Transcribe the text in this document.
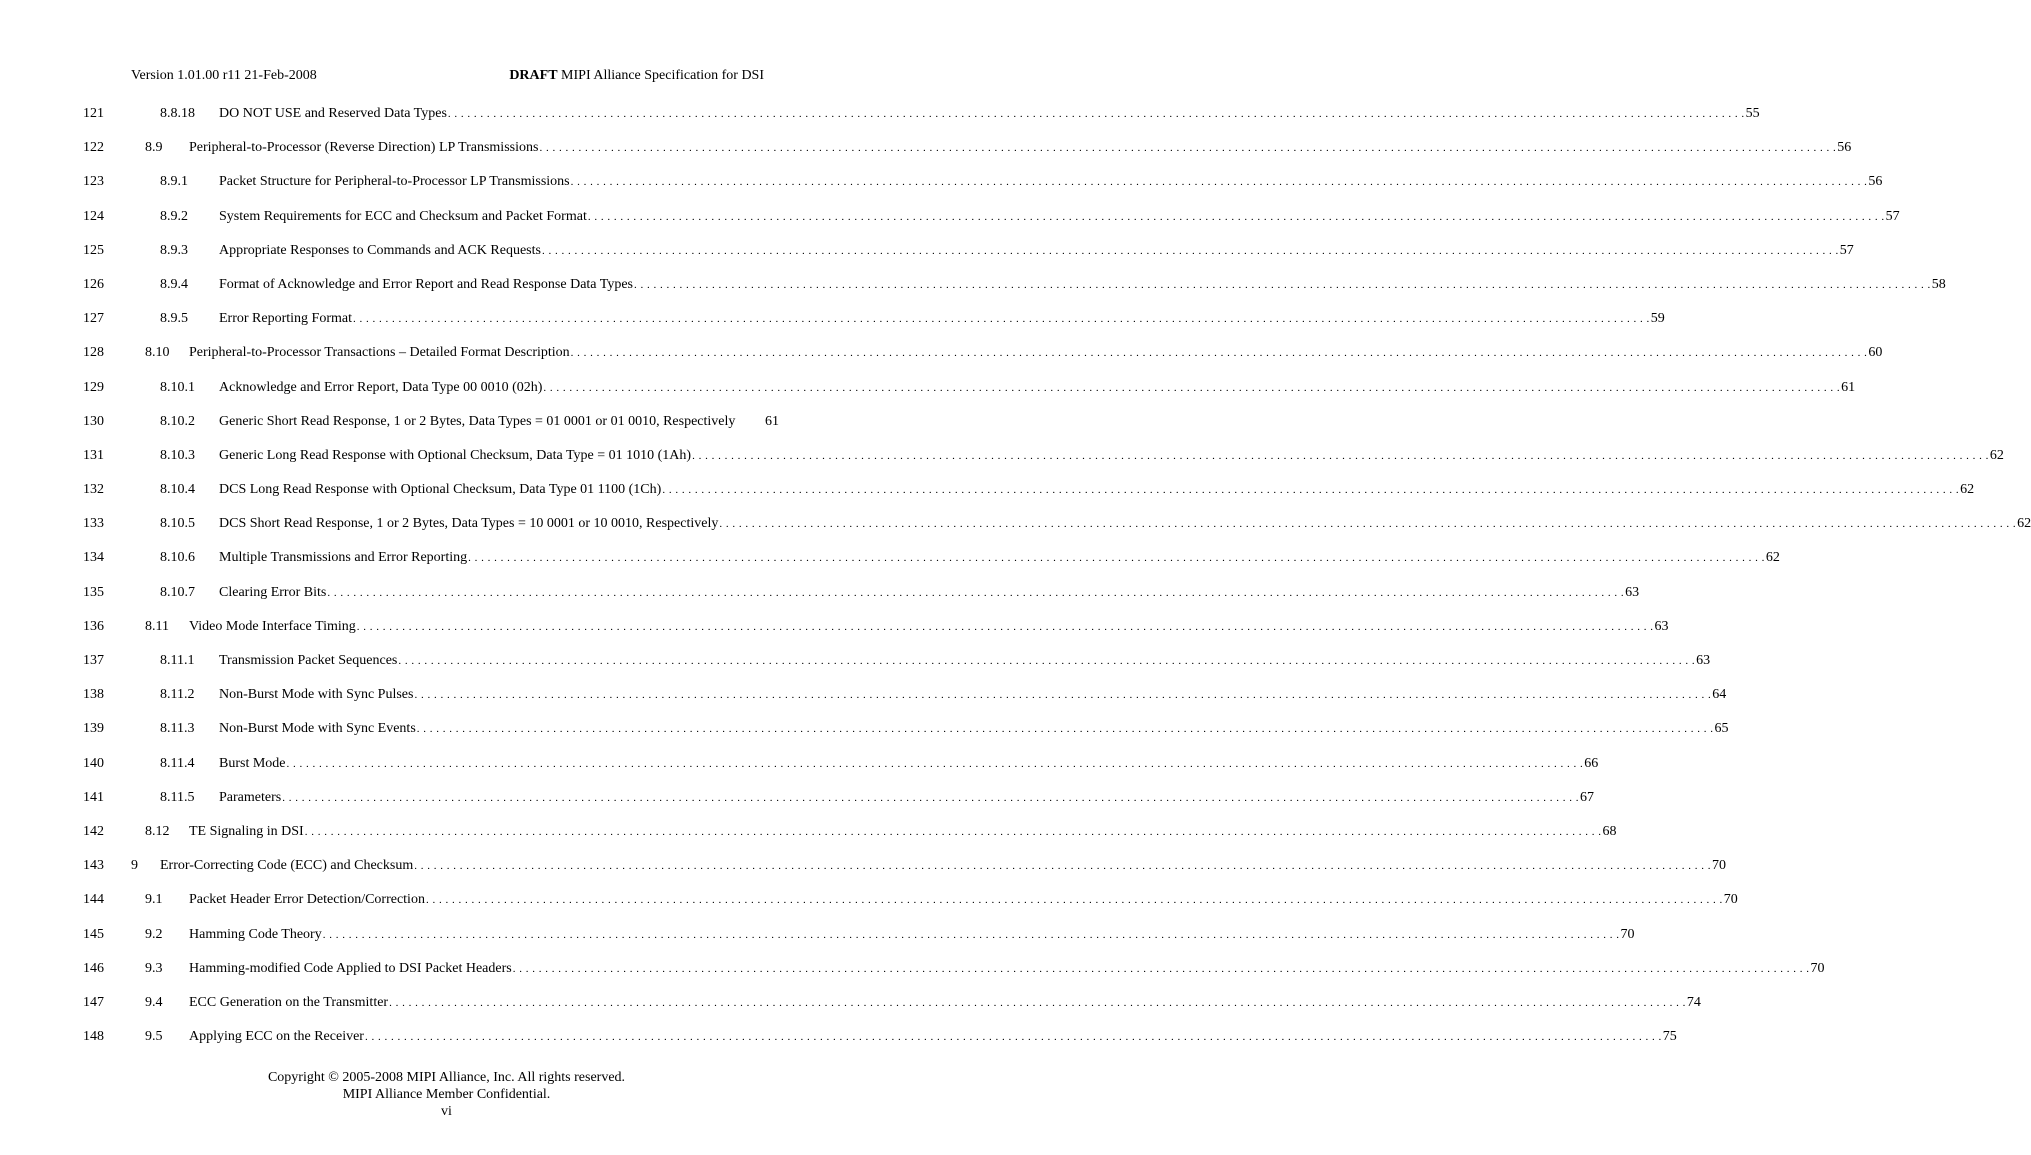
Version 1.01.00 r11 21-Feb-2008	DRAFT MIPI Alliance Specification for DSI
121	8.8.18 DO NOT USE and Reserved Data Types . . . . . . . . . . . . . . . . . . . . . . . . . . . . . . . . . . . . . . . . . . . . . . . . . . . . . . . . . . . . . . . . . . . . . . . . . . . . . . . . . . . . . . . . . . . . . . . . . . . . . . . . . . . . . . . . . . . . . . . . . . . . . . . . . . . . . . . . . . . . . . . . . . . . . . . . . . . . . . . . . . . . . . . . . . . . . . . . . . . . . . . . . . . . . . . . . . . . . . . . 55
122	8.9 Peripheral-to-Processor (Reverse Direction) LP Transmissions . . . . . . . . . . . . . . . . . . . . . . . . . . . . . . . . . . . . . . . . . . . . . . . . . . . . . . . . . . . . . . . . . . . . . . . . . . . . . . . . . . . . . . . . . . . . . . . . . . . . . . . . . . . . . . . . . . . . . . . . . . . . . . . . . . . . . . . . . . . . . . . . . . . . . . . . . . . . . . . . . . . . . . . . . . . . . . . . . . . . . . . . . . . . . . . . . . . . . . . . 56
123	8.9.1 Packet Structure for Peripheral-to-Processor LP Transmissions . . . . . . . . . . . . . . . . . . . . . . . . . . . . . . . . . . . . . . . . . . . . . . . . . . . . . . . . . . . . . . . . . . . . . . . . . . . . . . . . . . . . . . . . . . . . . . . . . . . . . . . . . . . . . . . . . . . . . . . . . . . . . . . . . . . . . . . . . . . . . . . . . . . . . . . . . . . . . . . . . . . . . . . . . . . . . . . . . . . . . . . . . . . . . . . . . . . . . . . . 56
124	8.9.2 System Requirements for ECC and Checksum and Packet Format . . . . . . . . . . . . . . . . . . . . . . . . . . . . . . . . . . . . . . . . . . . . . . . . . . . . . . . . . . . . . . . . . . . . . . . . . . . . . . . . . . . . . . . . . . . . . . . . . . . . . . . . . . . . . . . . . . . . . . . . . . . . . . . . . . . . . . . . . . . . . . . . . . . . . . . . . . . . . . . . . . . . . . . . . . . . . . . . . . . . . . . . . . . . . . . . . . . . . . . . 57
125	8.9.3 Appropriate Responses to Commands and ACK Requests . . . . . . . . . . . . . . . . . . . . . . . . . . . . . . . . . . . . . . . . . . . . . . . . . . . . . . . . . . . . . . . . . . . . . . . . . . . . . . . . . . . . . . . . . . . . . . . . . . . . . . . . . . . . . . . . . . . . . . . . . . . . . . . . . . . . . . . . . . . . . . . . . . . . . . . . . . . . . . . . . . . . . . . . . . . . . . . . . . . . . . . . . . . . . . . . . . . . . . . . 57
126	8.9.4 Format of Acknowledge and Error Report and Read Response Data Types . . . . . . . . . . . . . . . . . . . . . . . . . . . . . . . . . . . . . . . . . . . . . . . . . . . . . . . . . . . . . . . . . . . . . . . . . . . . . . . . . . . . . . . . . . . . . . . . . . . . . . . . . . . . . . . . . . . . . . . . . . . . . . . . . . . . . . . . . . . . . . . . . . . . . . . . . . . . . . . . . . . . . . . . . . . . . . . . . . . . . . . . . . . . . . . . . . . . . . . . 58
127	8.9.5 Error Reporting Format . . . . . . . . . . . . . . . . . . . . . . . . . . . . . . . . . . . . . . . . . . . . . . . . . . . . . . . . . . . . . . . . . . . . . . . . . . . . . . . . . . . . . . . . . . . . . . . . . . . . . . . . . . . . . . . . . . . . . . . . . . . . . . . . . . . . . . . . . . . . . . . . . . . . . . . . . . . . . . . . . . . . . . . . . . . . . . . . . . . . . . . . . . . . . . . . . . . . . . . . 59
128	8.10 Peripheral-to-Processor Transactions – Detailed Format Description . . . . . . . . . . . . . . . . . . . . . . . . . . . . . . . . . . . . . . . . . . . . . . . . . . . . . . . . . . . . . . . . . . . . . . . . . . . . . . . . . . . . . . . . . . . . . . . . . . . . . . . . . . . . . . . . . . . . . . . . . . . . . . . . . . . . . . . . . . . . . . . . . . . . . . . . . . . . . . . . . . . . . . . . . . . . . . . . . . . . . . . . . . . . . . . . . . . . . . . . 60
129	8.10.1 Acknowledge and Error Report, Data Type 00 0010 (02h) . . . . . . . . . . . . . . . . . . . . . . . . . . . . . . . . . . . . . . . . . . . . . . . . . . . . . . . . . . . . . . . . . . . . . . . . . . . . . . . . . . . . . . . . . . . . . . . . . . . . . . . . . . . . . . . . . . . . . . . . . . . . . . . . . . . . . . . . . . . . . . . . . . . . . . . . . . . . . . . . . . . . . . . . . . . . . . . . . . . . . . . . . . . . . . . . . . . . . . . . 61
130	8.10.2 Generic Short Read Response, 1 or 2 Bytes, Data Types = 01 0001 or 01 0010, Respectively 61
131	8.10.3 Generic Long Read Response with Optional Checksum, Data Type = 01 1010 (1Ah) . . . . . . . . . . . . . . . . . . . . . . . . . . . . . . . . . . . . . . . . . . . . . . . . . . . . . . . . . . . . . . . . . . . . . . . . . . . . . . . . . . . . . . . . . . . . . . . . . . . . . . . . . . . . . . . . . . . . . . . . . . . . . . . . . . . . . . . . . . . . . . . . . . . . . . . . . . . . . . . . . . . . . . . . . . . . . . . . . . . . . . . . . . . . . . . . . . . . . . . . 62
132	8.10.4 DCS Long Read Response with Optional Checksum, Data Type 01 1100 (1Ch) . . . . . . . . . . . . . . . . . . . . . . . . . . . . . . . . . . . . . . . . . . . . . . . . . . . . . . . . . . . . . . . . . . . . . . . . . . . . . . . . . . . . . . . . . . . . . . . . . . . . . . . . . . . . . . . . . . . . . . . . . . . . . . . . . . . . . . . . . . . . . . . . . . . . . . . . . . . . . . . . . . . . . . . . . . . . . . . . . . . . . . . . . . . . . . . . . . . . . . . . 62
133	8.10.5 DCS Short Read Response, 1 or 2 Bytes, Data Types = 10 0001 or 10 0010, Respectively . . . . . . . . . . . . . . . . . . . . . . . . . . . . . . . . . . . . . . . . . . . . . . . . . . . . . . . . . . . . . . . . . . . . . . . . . . . . . . . . . . . . . . . . . . . . . . . . . . . . . . . . . . . . . . . . . . . . . . . . . . . . . . . . . . . . . . . . . . . . . . . . . . . . . . . . . . . . . . . . . . . . . . . . . . . . . . . . . . . . . . . . . . . . . . . . . . . . . . . . 62
134	8.10.6 Multiple Transmissions and Error Reporting . . . . . . . . . . . . . . . . . . . . . . . . . . . . . . . . . . . . . . . . . . . . . . . . . . . . . . . . . . . . . . . . . . . . . . . . . . . . . . . . . . . . . . . . . . . . . . . . . . . . . . . . . . . . . . . . . . . . . . . . . . . . . . . . . . . . . . . . . . . . . . . . . . . . . . . . . . . . . . . . . . . . . . . . . . . . . . . . . . . . . . . . . . . . . . . . . . . . . . . . 62
135	8.10.7 Clearing Error Bits . . . . . . . . . . . . . . . . . . . . . . . . . . . . . . . . . . . . . . . . . . . . . . . . . . . . . . . . . . . . . . . . . . . . . . . . . . . . . . . . . . . . . . . . . . . . . . . . . . . . . . . . . . . . . . . . . . . . . . . . . . . . . . . . . . . . . . . . . . . . . . . . . . . . . . . . . . . . . . . . . . . . . . . . . . . . . . . . . . . . . . . . . . . . . . . . . . . . . . . . 63
136	8.11 Video Mode Interface Timing . . . . . . . . . . . . . . . . . . . . . . . . . . . . . . . . . . . . . . . . . . . . . . . . . . . . . . . . . . . . . . . . . . . . . . . . . . . . . . . . . . . . . . . . . . . . . . . . . . . . . . . . . . . . . . . . . . . . . . . . . . . . . . . . . . . . . . . . . . . . . . . . . . . . . . . . . . . . . . . . . . . . . . . . . . . . . . . . . . . . . . . . . . . . . . . . . . . . . . . . 63
137	8.11.1 Transmission Packet Sequences . . . . . . . . . . . . . . . . . . . . . . . . . . . . . . . . . . . . . . . . . . . . . . . . . . . . . . . . . . . . . . . . . . . . . . . . . . . . . . . . . . . . . . . . . . . . . . . . . . . . . . . . . . . . . . . . . . . . . . . . . . . . . . . . . . . . . . . . . . . . . . . . . . . . . . . . . . . . . . . . . . . . . . . . . . . . . . . . . . . . . . . . . . . . . . . . . . . . . . . . 63
138	8.11.2 Non-Burst Mode with Sync Pulses . . . . . . . . . . . . . . . . . . . . . . . . . . . . . . . . . . . . . . . . . . . . . . . . . . . . . . . . . . . . . . . . . . . . . . . . . . . . . . . . . . . . . . . . . . . . . . . . . . . . . . . . . . . . . . . . . . . . . . . . . . . . . . . . . . . . . . . . . . . . . . . . . . . . . . . . . . . . . . . . . . . . . . . . . . . . . . . . . . . . . . . . . . . . . . . . . . . . . . . . 64
139	8.11.3 Non-Burst Mode with Sync Events . . . . . . . . . . . . . . . . . . . . . . . . . . . . . . . . . . . . . . . . . . . . . . . . . . . . . . . . . . . . . . . . . . . . . . . . . . . . . . . . . . . . . . . . . . . . . . . . . . . . . . . . . . . . . . . . . . . . . . . . . . . . . . . . . . . . . . . . . . . . . . . . . . . . . . . . . . . . . . . . . . . . . . . . . . . . . . . . . . . . . . . . . . . . . . . . . . . . . . . . 65
140	8.11.4 Burst Mode . . . . . . . . . . . . . . . . . . . . . . . . . . . . . . . . . . . . . . . . . . . . . . . . . . . . . . . . . . . . . . . . . . . . . . . . . . . . . . . . . . . . . . . . . . . . . . . . . . . . . . . . . . . . . . . . . . . . . . . . . . . . . . . . . . . . . . . . . . . . . . . . . . . . . . . . . . . . . . . . . . . . . . . . . . . . . . . . . . . . . . . . . . . . . . . . . . . . . . . . 66
141	8.11.5 Parameters . . . . . . . . . . . . . . . . . . . . . . . . . . . . . . . . . . . . . . . . . . . . . . . . . . . . . . . . . . . . . . . . . . . . . . . . . . . . . . . . . . . . . . . . . . . . . . . . . . . . . . . . . . . . . . . . . . . . . . . . . . . . . . . . . . . . . . . . . . . . . . . . . . . . . . . . . . . . . . . . . . . . . . . . . . . . . . . . . . . . . . . . . . . . . . . . . . . . . . . . 67
142	8.12 TE Signaling in DSI . . . . . . . . . . . . . . . . . . . . . . . . . . . . . . . . . . . . . . . . . . . . . . . . . . . . . . . . . . . . . . . . . . . . . . . . . . . . . . . . . . . . . . . . . . . . . . . . . . . . . . . . . . . . . . . . . . . . . . . . . . . . . . . . . . . . . . . . . . . . . . . . . . . . . . . . . . . . . . . . . . . . . . . . . . . . . . . . . . . . . . . . . . . . . . . . . . . . . . . . 68
143 9 Error-Correcting Code (ECC) and Checksum . . . . . . . . . . . . . . . . . . . . . . . . . . . . . . . . . . . . . . . . . . . . . . . . . . . . . . . . . . . . . . . . . . . . . . . . . . . . . . . . . . . . . . . . . . . . . . . . . . . . . . . . . . . . . . . . . . . . . . . . . . . . . . . . . . . . . . . . . . . . . . . . . . . . . . . . . . . . . . . . . . . . . . . . . . . . . . . . . . . . . . . . . . . . . . . . . . . . . . . . 70
144	9.1 Packet Header Error Detection/Correction . . . . . . . . . . . . . . . . . . . . . . . . . . . . . . . . . . . . . . . . . . . . . . . . . . . . . . . . . . . . . . . . . . . . . . . . . . . . . . . . . . . . . . . . . . . . . . . . . . . . . . . . . . . . . . . . . . . . . . . . . . . . . . . . . . . . . . . . . . . . . . . . . . . . . . . . . . . . . . . . . . . . . . . . . . . . . . . . . . . . . . . . . . . . . . . . . . . . . . . . 70
145	9.2 Hamming Code Theory . . . . . . . . . . . . . . . . . . . . . . . . . . . . . . . . . . . . . . . . . . . . . . . . . . . . . . . . . . . . . . . . . . . . . . . . . . . . . . . . . . . . . . . . . . . . . . . . . . . . . . . . . . . . . . . . . . . . . . . . . . . . . . . . . . . . . . . . . . . . . . . . . . . . . . . . . . . . . . . . . . . . . . . . . . . . . . . . . . . . . . . . . . . . . . . . . . . . . . . . 70
146	9.3 Hamming-modified Code Applied to DSI Packet Headers . . . . . . . . . . . . . . . . . . . . . . . . . . . . . . . . . . . . . . . . . . . . . . . . . . . . . . . . . . . . . . . . . . . . . . . . . . . . . . . . . . . . . . . . . . . . . . . . . . . . . . . . . . . . . . . . . . . . . . . . . . . . . . . . . . . . . . . . . . . . . . . . . . . . . . . . . . . . . . . . . . . . . . . . . . . . . . . . . . . . . . . . . . . . . . . . . . . . . . . . 70
147	9.4 ECC Generation on the Transmitter . . . . . . . . . . . . . . . . . . . . . . . . . . . . . . . . . . . . . . . . . . . . . . . . . . . . . . . . . . . . . . . . . . . . . . . . . . . . . . . . . . . . . . . . . . . . . . . . . . . . . . . . . . . . . . . . . . . . . . . . . . . . . . . . . . . . . . . . . . . . . . . . . . . . . . . . . . . . . . . . . . . . . . . . . . . . . . . . . . . . . . . . . . . . . . . . . . . . . . . . 74
148	9.5 Applying ECC on the Receiver . . . . . . . . . . . . . . . . . . . . . . . . . . . . . . . . . . . . . . . . . . . . . . . . . . . . . . . . . . . . . . . . . . . . . . . . . . . . . . . . . . . . . . . . . . . . . . . . . . . . . . . . . . . . . . . . . . . . . . . . . . . . . . . . . . . . . . . . . . . . . . . . . . . . . . . . . . . . . . . . . . . . . . . . . . . . . . . . . . . . . . . . . . . . . . . . . . . . . . . . 75
Copyright © 2005-2008 MIPI Alliance, Inc. All rights reserved.
MIPI Alliance Member Confidential.
vi
